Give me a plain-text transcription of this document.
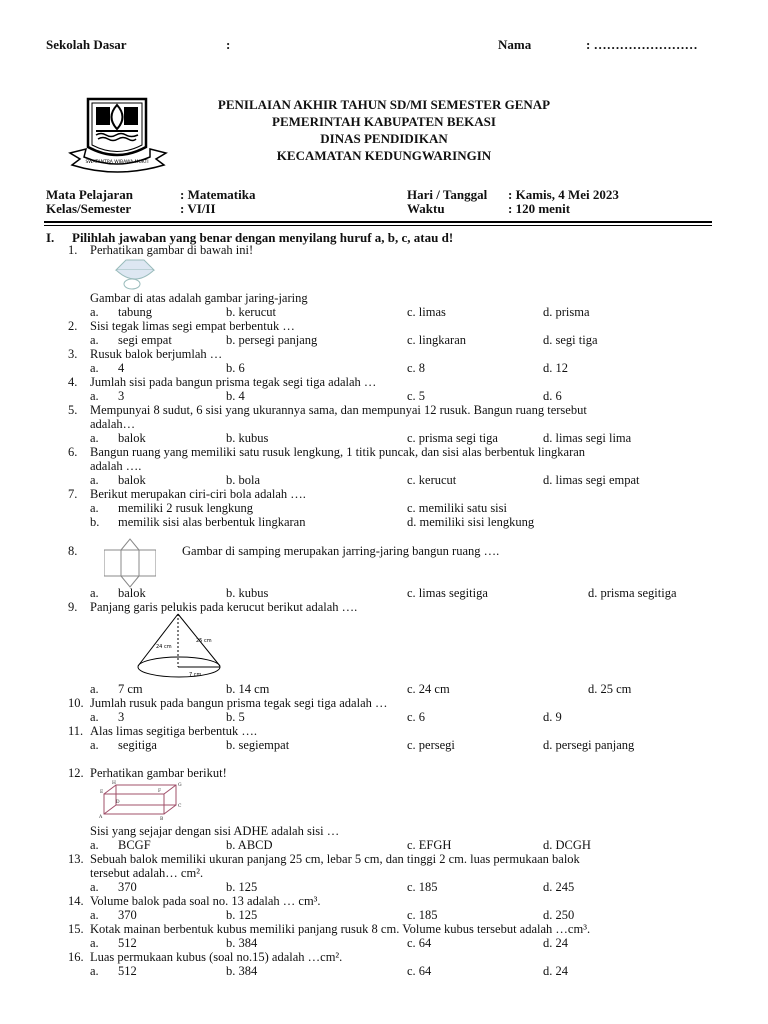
Sekolah Dasar	:	Nama	: ……………………
SWATANTRA WIBAWA MUKTI
PENILAIAN AKHIR TAHUN SD/MI SEMESTER GENAP
PEMERINTAH KABUPATEN BEKASI
DINAS PENDIDIKAN
KECAMATAN KEDUNGWARINGIN
Mata Pelajaran	: Matematika
Kelas/Semester	: VI/II
Hari / Tanggal : Kamis, 4 Mei 2023
Waktu	: 120 menit
I. Pilihlah jawaban yang benar dengan menyilang huruf a, b, c, atau d!
1. Perhatikan gambar di bawah ini!
Gambar di atas adalah gambar jaring-jaring
a. tabung	b. kerucut	c. limas	d. prisma
2. Sisi tegak limas segi empat berbentuk …
a. segi empat	b. persegi panjang	c. lingkaran	d. segi tiga
3. Rusuk balok berjumlah …
a. 4	b. 6	c. 8	d. 12
4. Jumlah sisi pada bangun prisma tegak segi tiga adalah …
a. 3	b. 4	c. 5	d. 6
5. Mempunyai 8 sudut, 6 sisi yang ukurannya sama, dan mempunyai 12 rusuk. Bangun ruang tersebut
adalah…
a. balok	b. kubus	c. prisma segi tiga	d. limas segi lima
6. Bangun ruang yang memiliki satu rusuk lengkung, 1 titik puncak, dan sisi alas berbentuk lingkaran
adalah ….
a. balok	b. bola	c. kerucut	d. limas segi empat
7. Berikut merupakan ciri-ciri bola adalah ….
a. memiliki 2 rusuk lengkung	c. memiliki satu sisi
b. memilik sisi alas berbentuk lingkaran	d. memiliki sisi lengkung
8.	Gambar di samping merupakan jarring-jaring bangun ruang ….
a. balok	b. kubus	c. limas segitiga	d. prisma segitiga
9. Panjang garis pelukis pada kerucut berikut adalah ….
25 cm
24 cm
7 cm
a. 7 cm	b. 14 cm	c. 24 cm	d. 25 cm
10. Jumlah rusuk pada bangun prisma tegak segi tiga adalah …
a. 3	b. 5	c. 6	d. 9
11. Alas limas segitiga berbentuk ….
a. segitiga	b. segiempat	c. persegi	d. persegi panjang
12. Perhatikan gambar berikut!
A	B
C
D
E	F
G
H
Sisi yang sejajar dengan sisi ADHE adalah sisi …
a. BCGF	b. ABCD	c. EFGH	d. DCGH
13. Sebuah balok memiliki ukuran panjang 25 cm, lebar 5 cm, dan tinggi 2 cm. luas permukaan balok
tersebut adalah… cm².
a. 370	b. 125	c. 185	d. 245
14. Volume balok pada soal no. 13 adalah … cm³.
a. 370	b. 125	c. 185	d. 250
15. Kotak mainan berbentuk kubus memiliki panjang rusuk 8 cm. Volume kubus tersebut adalah …cm³.
a. 512	b. 384	c. 64	d. 24
16. Luas permukaan kubus (soal no.15) adalah …cm².
a. 512	b. 384	c. 64	d. 24
